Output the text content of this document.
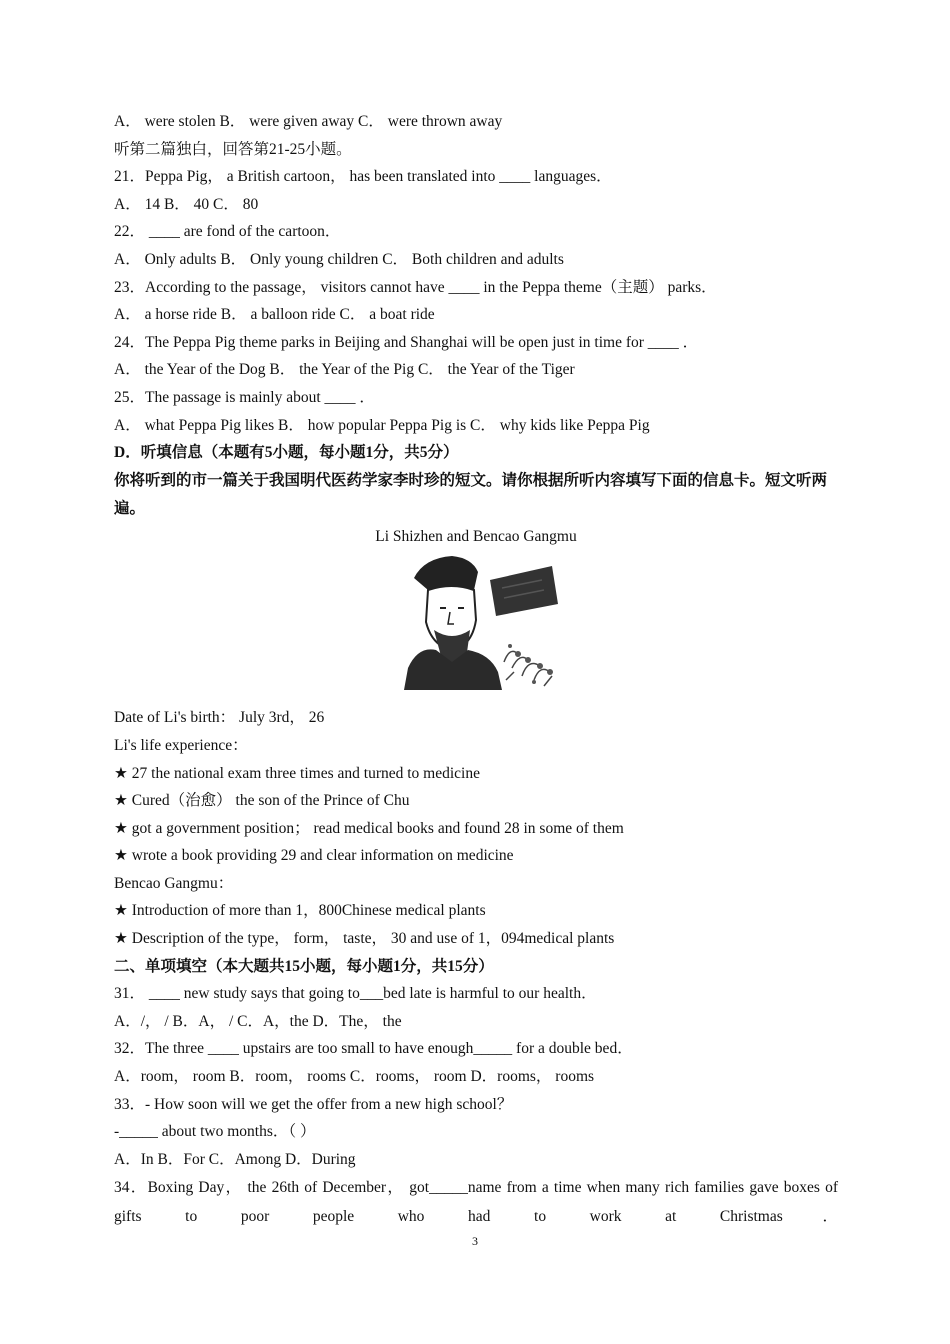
A． were stolen B． were given away C． were thrown away
听第二篇独白，回答第21-25小题。
21．Peppa Pig， a British cartoon， has been translated into ____ languages．
A． 14 B． 40 C． 80
22． ____ are fond of the cartoon．
A． Only adults B． Only young children C． Both children and adults
23．According to the passage， visitors cannot have ____ in the Peppa theme（主题） parks．
A． a horse ride B． a balloon ride C． a boat ride
24．The Peppa Pig theme parks in Beijing and Shanghai will be open just in time for ____ ．
A． the Year of the Dog B． the Year of the Pig C． the Year of the Tiger
25．The passage is mainly about ____ ．
A． what Peppa Pig likes B． how popular Peppa Pig is C． why kids like Peppa Pig
D．听填信息（本题有5小题，每小题1分，共5分）
你将听到的市一篇关于我国明代医药学家李时珍的短文。请你根据所听内容填写下面的信息卡。短文听两遍。
Li Shizhen and Bencao Gangmu
Date of Li's birth： July 3rd， 26
Li's life experience：
★ 27 the national exam three times and turned to medicine
★ Cured（治愈） the son of the Prince of Chu
★ got a government position； read medical books and found 28 in some of them
★ wrote a book providing 29 and clear information on medicine
Bencao Gangmu：
★ Introduction of more than 1，800Chinese medical plants
★ Description of the type， form， taste， 30 and use of 1，094medical plants
二、单项填空（本大题共15小题，每小题1分，共15分）
31． ____ new study says that going to___bed late is harmful to our health．
A．/， / B．A， / C．A，the D．The， the
32．The three ____ upstairs are too small to have enough_____ for a double bed．
A．room， room B．room， rooms C．rooms， room D．rooms， rooms
33．- How soon will we get the offer from a new high school？
-_____ about two months．（ ）
A．In B．For C．Among D．During
34．Boxing Day， the 26th of December， got_____name from a time when many rich families gave boxes of gifts to poor people who had to work at Christmas．
3
